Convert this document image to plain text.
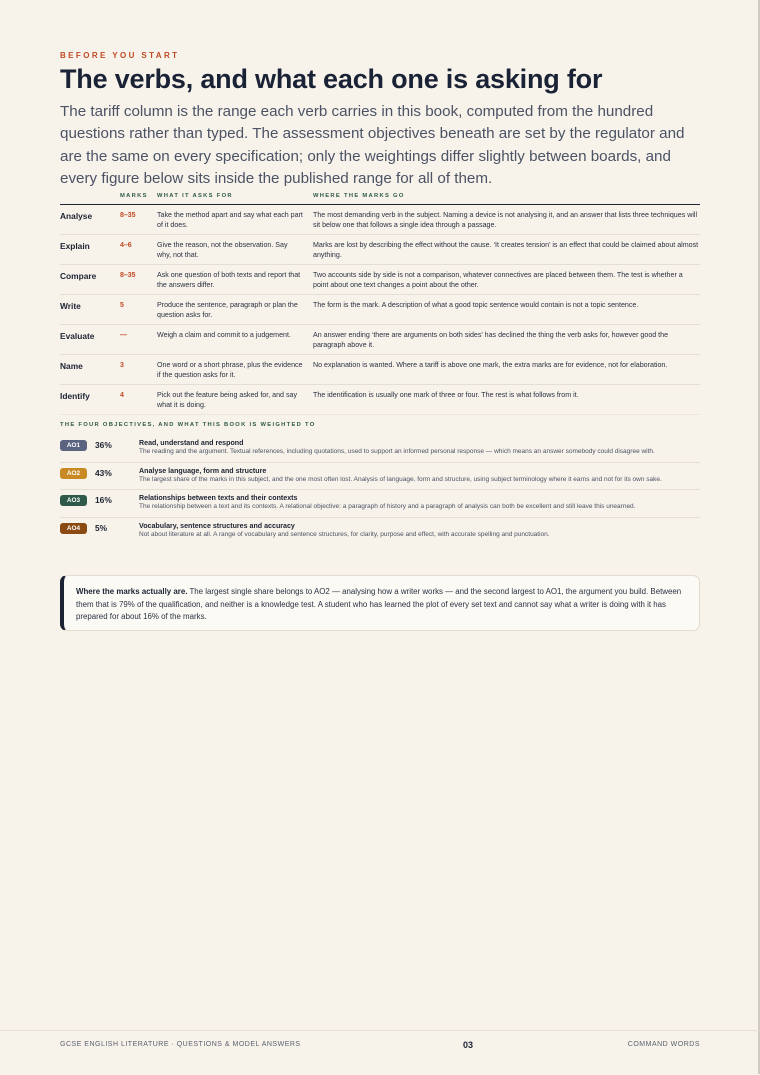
BEFORE YOU START
The verbs, and what each one is asking for

The tariff column is the range each verb carries in this book, computed from the hundred questions rather than typed. The assessment objectives beneath are set by the regulator and are the same on every specification; only the weightings differ slightly between boards, and every figure below sits inside the published range for all of them.

	MARKS	WHAT IT ASKS FOR	WHERE THE MARKS GO
Analyse	8–35	Take the method apart and say what each part of it does.	The most demanding verb in the subject. Naming a device is not analysing it, and an answer that lists three techniques will sit below one that follows a single idea through a passage.
Explain	4–6	Give the reason, not the observation. Say why, not that.	Marks are lost by describing the effect without the cause. ‘It creates tension’ is an effect that could be claimed about almost anything.
Compare	8–35	Ask one question of both texts and report that the answers differ.	Two accounts side by side is not a comparison, whatever connectives are placed between them. The test is whether a point about one text changes a point about the other.
Write	5	Produce the sentence, paragraph or plan the question asks for.	The form is the mark. A description of what a good topic sentence would contain is not a topic sentence.
Evaluate	—	Weigh a claim and commit to a judgement.	An answer ending ‘there are arguments on both sides’ has declined the thing the verb asks for, however good the paragraph above it.
Name	3	One word or a short phrase, plus the evidence if the question asks for it.	No explanation is wanted. Where a tariff is above one mark, the extra marks are for evidence, not for elaboration.
Identify	4	Pick out the feature being asked for, and say what it is doing.	The identification is usually one mark of three or four. The rest is what follows from it.
THE FOUR OBJECTIVES, AND WHAT THIS BOOK IS WEIGHTED TO
AO1	36%	Read, understand and respond
The reading and the argument. Textual references, including quotations, used to support an informed personal response — which means an answer somebody could disagree with.
AO2	43%	Analyse language, form and structure
The largest share of the marks in this subject, and the one most often lost. Analysis of language, form and structure, using subject terminology where it earns and not for its own sake.
AO3	16%	Relationships between texts and their contexts
The relationship between a text and its contexts. A relational objective: a paragraph of history and a paragraph of analysis can both be excellent and still leave this unearned.
AO4	5%	Vocabulary, sentence structures and accuracy
Not about literature at all. A range of vocabulary and sentence structures, for clarity, purpose and effect, with accurate spelling and punctuation.
Where the marks actually are. The largest single share belongs to AO2 — analysing how a writer works — and the second largest to AO1, the argument you build. Between them that is 79% of the qualification, and neither is a knowledge test. A student who has learned the plot of every set text and cannot say what a writer is doing with it has prepared for about 16% of the marks.
GCSE ENGLISH LITERATURE · QUESTIONS & MODEL ANSWERS	03	COMMAND WORDS
